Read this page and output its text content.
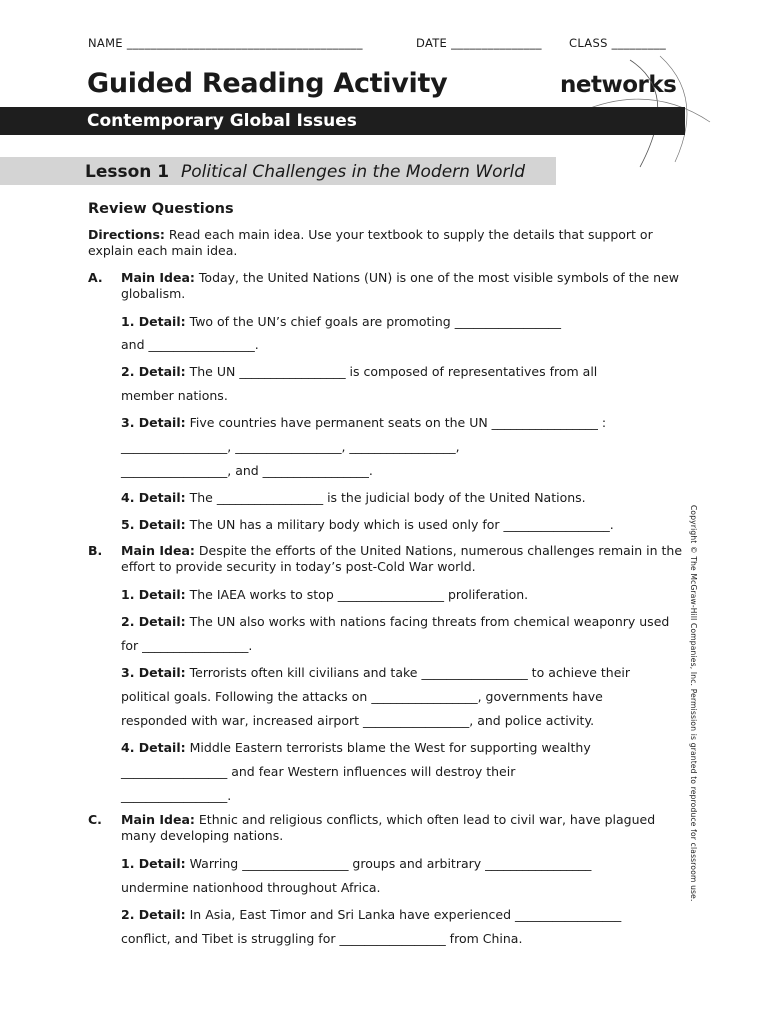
NAME _______________________________________	DATE _______________ CLASS _________
Guided Reading Activity	networks
Contemporary Global Issues
Lesson 1 Political Challenges in the Modern World
Review Questions
Directions: Read each main idea. Use your textbook to supply the details that support or explain each main idea.
A. Main Idea: Today, the United Nations (UN) is one of the most visible symbols of the new globalism.
1. Detail: Two of the UN’s chief goals are promoting _________________
and _________________.
2. Detail: The UN _________________ is composed of representatives from all
member nations.
3. Detail: Five countries have permanent seats on the UN _________________ :
_________________, _________________, _________________,
_________________, and _________________.
4. Detail: The _________________ is the judicial body of the United Nations.
5. Detail: The UN has a military body which is used only for _________________.
B. Main Idea: Despite the efforts of the United Nations, numerous challenges remain in the effort to provide security in today’s post-Cold War world.
1. Detail: The IAEA works to stop _________________ proliferation.
2. Detail: The UN also works with nations facing threats from chemical weaponry used
for _________________.
3. Detail: Terrorists often kill civilians and take _________________ to achieve their
political goals. Following the attacks on _________________, governments have
responded with war, increased airport _________________, and police activity.
4. Detail: Middle Eastern terrorists blame the West for supporting wealthy
_________________ and fear Western influences will destroy their
_________________.
C. Main Idea: Ethnic and religious conflicts, which often lead to civil war, have plagued many developing nations.
1. Detail: Warring _________________ groups and arbitrary _________________
undermine nationhood throughout Africa.
2. Detail: In Asia, East Timor and Sri Lanka have experienced _________________
conflict, and Tibet is struggling for _________________ from China.
Copyright © The McGraw-Hill Companies, Inc. Permission is granted to reproduce for classroom use.
